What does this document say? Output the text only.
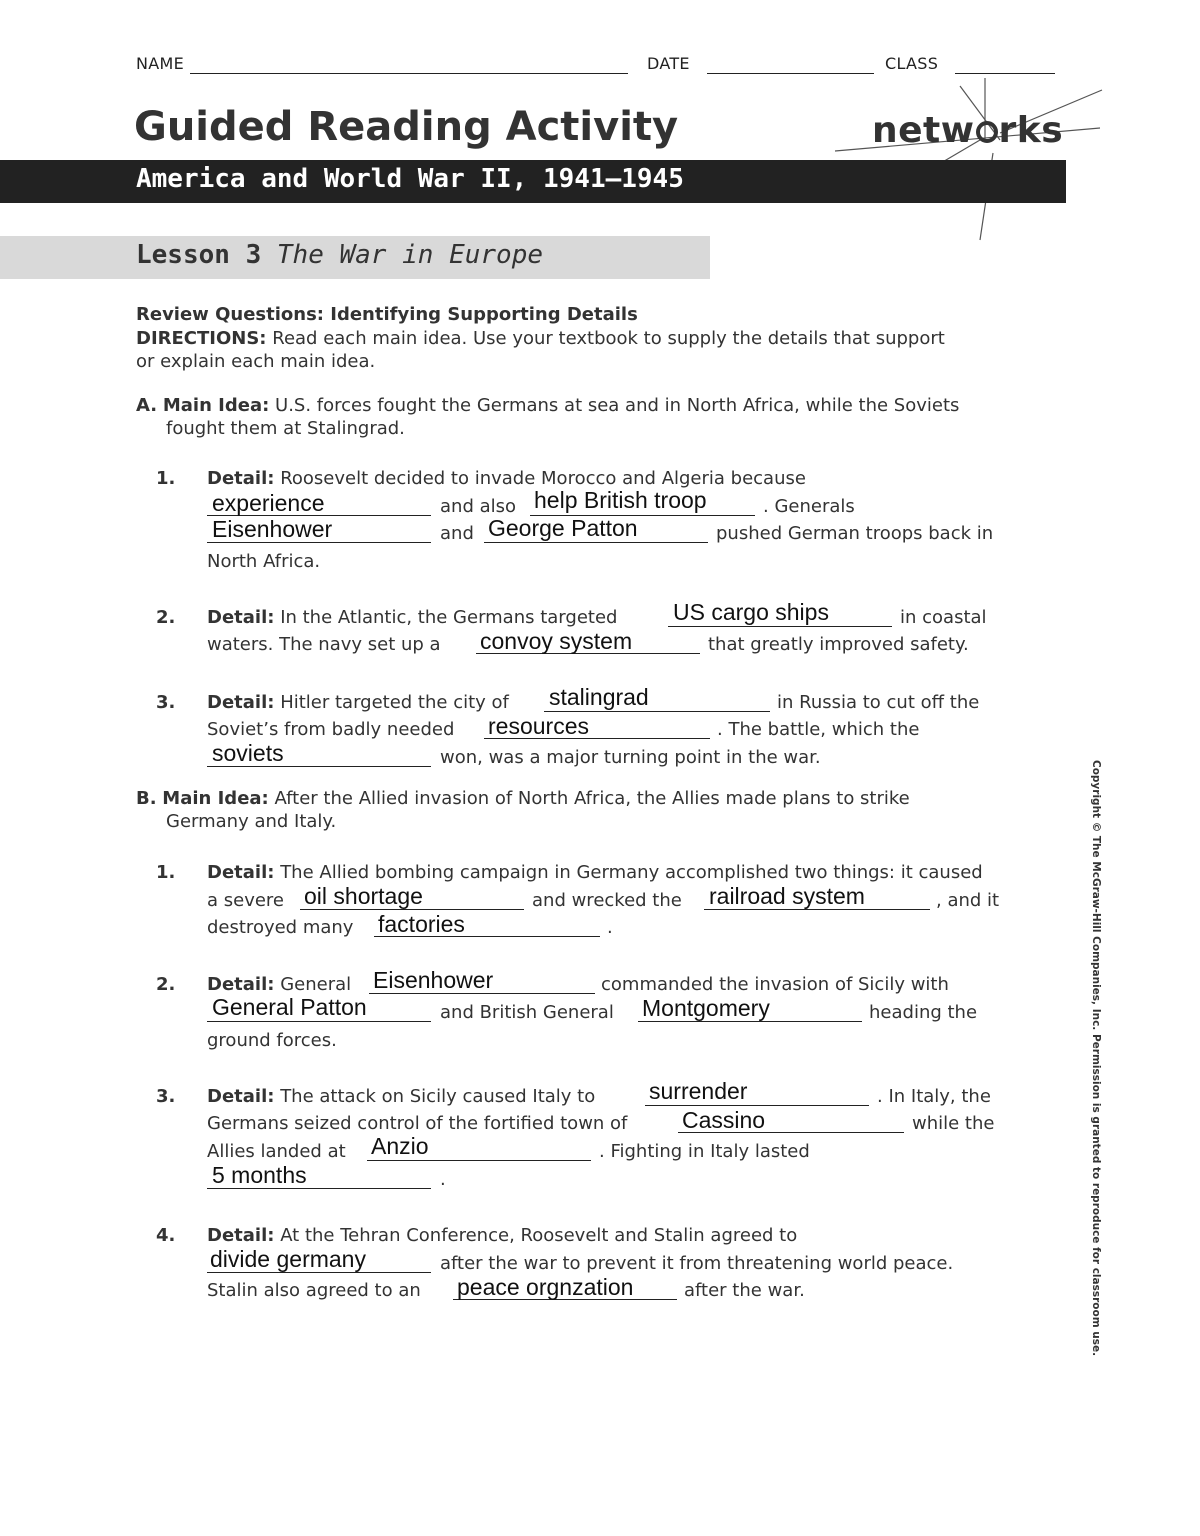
NAME	DATE	CLASS
Guided Reading Activity	netw rks
America and World War II, 1941–1945
Lesson 3 The War in Europe
Review Questions: Identifying Supporting Details
DIRECTIONS: Read each main idea. Use your textbook to supply the details that support
or explain each main idea.
A. Main Idea: U.S. forces fought the Germans at sea and in North Africa, while the Soviets
fought them at Stalingrad.
1. Detail: Roosevelt decided to invade Morocco and Algeria because
experience	and also help British troop	. Generals
Eisenhower	and George Patton	pushed German troops back in
North Africa.
2. Detail: In the Atlantic, the Germans targeted US cargo ships	in coastal
waters. The navy set up a convoy system	that greatly improved safety.
3. Detail: Hitler targeted the city of stalingrad	in Russia to cut off the
Soviet’s from badly needed resources	. The battle, which the
soviets	won, was a major turning point in the war.
B. Main Idea: After the Allied invasion of North Africa, the Allies made plans to strike
Germany and Italy.
1. Detail: The Allied bombing campaign in Germany accomplished two things: it caused
a severe oil shortage	and wrecked the railroad system	, and it
destroyed many factories	.
2. Detail: General Eisenhower	commanded the invasion of Sicily with
General Patton	and British General Montgomery	heading the
ground forces.
3. Detail: The attack on Sicily caused Italy to surrender	. In Italy, the
Germans seized control of the fortified town of Cassino	while the
Allies landed at Anzio	. Fighting in Italy lasted
5 months	.
4. Detail: At the Tehran Conference, Roosevelt and Stalin agreed to
divide germany	after the war to prevent it from threatening world peace.
Stalin also agreed to an peace orgnzation	after the war.	Copyright © The McGraw-Hill Companies, Inc. Permission is granted to reproduce for classroom use.
